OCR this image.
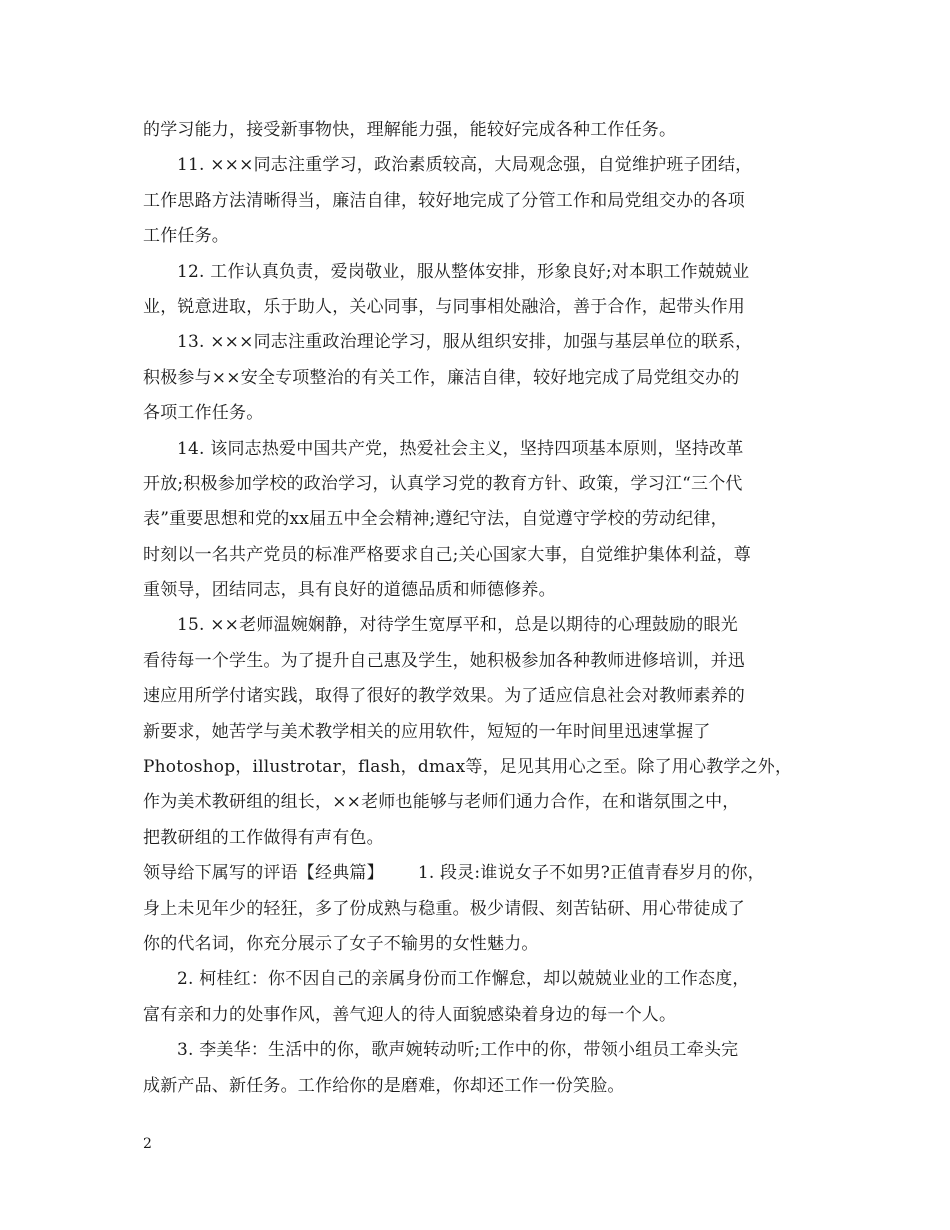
的学习能力，接受新事物快，理解能力强，能较好完成各种工作任务。
11. ×××同志注重学习，政治素质较高，大局观念强，自觉维护班子团结，
工作思路方法清晰得当，廉洁自律，较好地完成了分管工作和局党组交办的各项
工作任务。
12. 工作认真负责，爱岗敬业，服从整体安排，形象良好;对本职工作兢兢业
业，锐意进取，乐于助人，关心同事，与同事相处融洽，善于合作，起带头作用
13. ×××同志注重政治理论学习，服从组织安排，加强与基层单位的联系，
积极参与××安全专项整治的有关工作，廉洁自律，较好地完成了局党组交办的
各项工作任务。
14. 该同志热爱中国共产党，热爱社会主义，坚持四项基本原则，坚持改革
开放;积极参加学校的政治学习，认真学习党的教育方针、政策，学习江“三个代
表”重要思想和党的xx届五中全会精神;遵纪守法，自觉遵守学校的劳动纪律，
时刻以一名共产党员的标准严格要求自己;关心国家大事，自觉维护集体利益，尊
重领导，团结同志，具有良好的道德品质和师德修养。
15. ××老师温婉娴静，对待学生宽厚平和，总是以期待的心理鼓励的眼光
看待每一个学生。为了提升自己惠及学生，她积极参加各种教师进修培训，并迅
速应用所学付诸实践，取得了很好的教学效果。为了适应信息社会对教师素养的
新要求，她苦学与美术教学相关的应用软件，短短的一年时间里迅速掌握了
Photoshop，illustrotar，flash，dmax等，足见其用心之至。除了用心教学之外，
作为美术教研组的组长，××老师也能够与老师们通力合作，在和谐氛围之中，
把教研组的工作做得有声有色。
领导给下属写的评语【经典篇】 1. 段灵:谁说女子不如男?正值青春岁月的你，
身上未见年少的轻狂，多了份成熟与稳重。极少请假、刻苦钻研、用心带徒成了
你的代名词，你充分展示了女子不输男的女性魅力。
2. 柯桂红：你不因自己的亲属身份而工作懈怠，却以兢兢业业的工作态度，
富有亲和力的处事作风，善气迎人的待人面貌感染着身边的每一个人。
3. 李美华：生活中的你，歌声婉转动听;工作中的你，带领小组员工牵头完
成新产品、新任务。工作给你的是磨难，你却还工作一份笑脸。
2
